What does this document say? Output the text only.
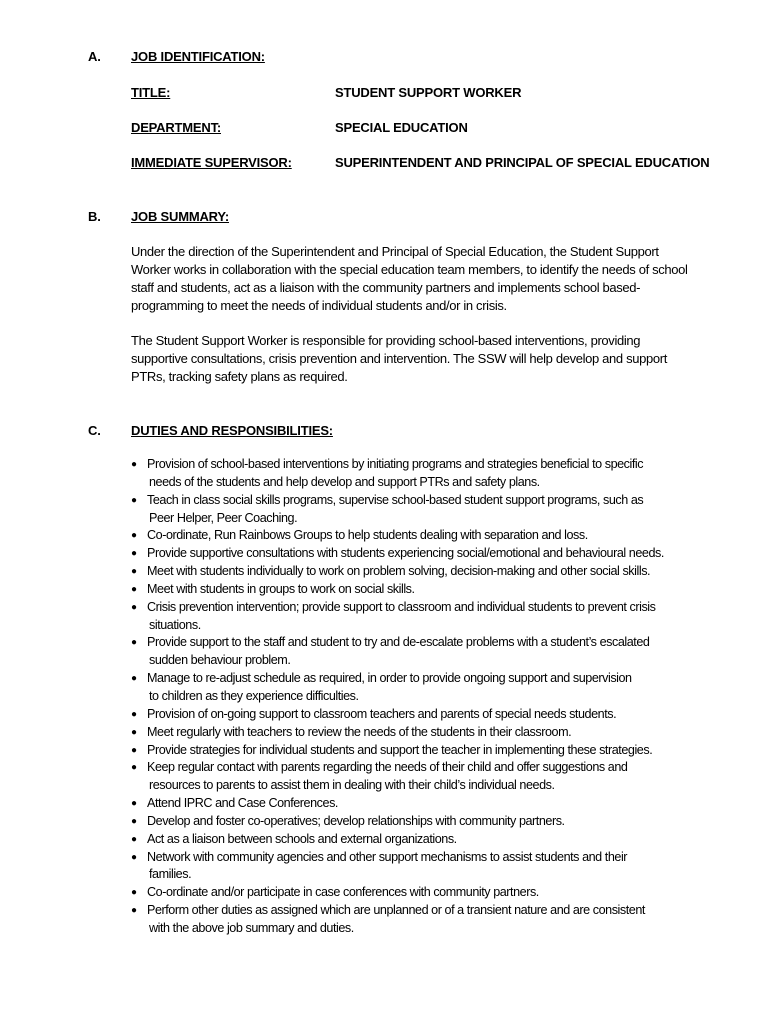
A. JOB IDENTIFICATION:
TITLE:	STUDENT SUPPORT WORKER
DEPARTMENT:	SPECIAL EDUCATION
IMMEDIATE SUPERVISOR:	SUPERINTENDENT AND PRINCIPAL OF SPECIAL EDUCATION
B. JOB SUMMARY:
Under the direction of the Superintendent and Principal of Special Education, the Student Support
Worker works in collaboration with the special education team members, to identify the needs of school
staff and students, act as a liaison with the community partners and implements school based-
programming to meet the needs of individual students and/or in crisis.
The Student Support Worker is responsible for providing school-based interventions, providing
supportive consultations, crisis prevention and intervention. The SSW will help develop and support
PTRs, tracking safety plans as required.
C. DUTIES AND RESPONSIBILITIES:
● Provision of school-based interventions by initiating programs and strategies beneficial to specific
needs of the students and help develop and support PTRs and safety plans.
● Teach in class social skills programs, supervise school-based student support programs, such as
Peer Helper, Peer Coaching.
● Co-ordinate, Run Rainbows Groups to help students dealing with separation and loss.
● Provide supportive consultations with students experiencing social/emotional and behavioural needs.
● Meet with students individually to work on problem solving, decision-making and other social skills.
● Meet with students in groups to work on social skills.
● Crisis prevention intervention; provide support to classroom and individual students to prevent crisis
situations.
● Provide support to the staff and student to try and de-escalate problems with a student’s escalated
sudden behaviour problem.
● Manage to re-adjust schedule as required, in order to provide ongoing support and supervision
to children as they experience difficulties.
● Provision of on-going support to classroom teachers and parents of special needs students.
● Meet regularly with teachers to review the needs of the students in their classroom.
● Provide strategies for individual students and support the teacher in implementing these strategies.
● Keep regular contact with parents regarding the needs of their child and offer suggestions and
resources to parents to assist them in dealing with their child’s individual needs.
● Attend IPRC and Case Conferences.
● Develop and foster co-operatives; develop relationships with community partners.
● Act as a liaison between schools and external organizations.
● Network with community agencies and other support mechanisms to assist students and their
families.
● Co-ordinate and/or participate in case conferences with community partners.
● Perform other duties as assigned which are unplanned or of a transient nature and are consistent
with the above job summary and duties.
